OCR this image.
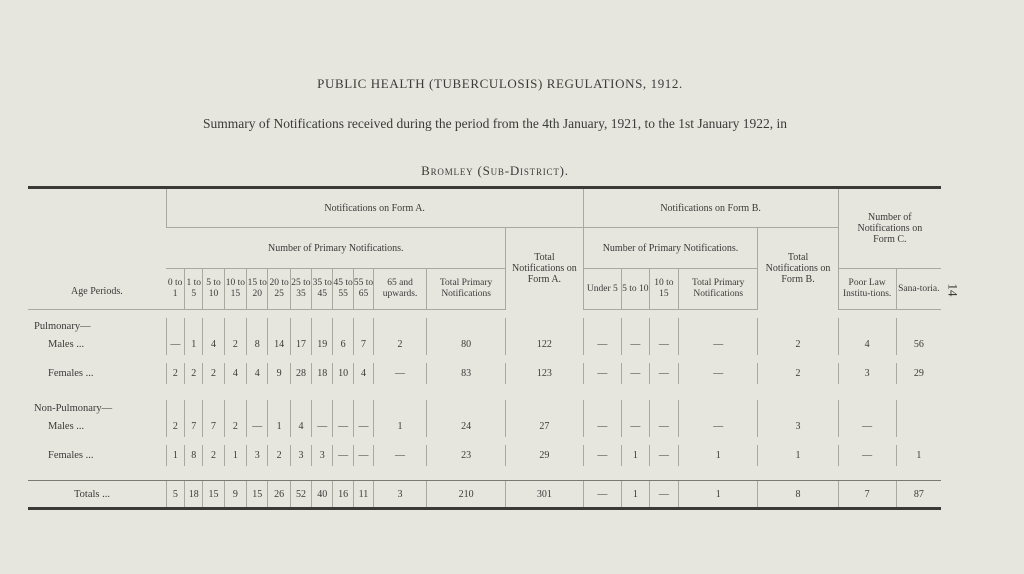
PUBLIC HEALTH (TUBERCULOSIS) REGULATIONS, 1912.
Summary of Notifications received during the period from the 4th January, 1921, to the 1st January 1922, in
Bromley (Sub-District).
14
Age Periods.	Notifications on Form A.													Notifications on Form B.					Number of Notifications on Form C.	
	Number of Primary Notifications.												Total Notifications on Form A.	Number of Primary Notifications.				Total Notifications on Form B.		
	0 to 1	1 to 5	5 to 10	10 to 15	15 to 20	20 to 25	25 to 35	35 to 45	45 to 55	55 to 65	65 and upwards.	Total Primary Notifications		Under 5	5 to 10	10 to 15	Total Primary Notifications		Poor Law Institu-tions.	Sana-toria.

Pulmonary—																				
Males ...	—	1	4	2	8	14	17	19	6	7	2	80	122	—	—	—	—	2	4	56

Females ...	2	2	2	4	4	9	28	18	10	4	—	83	123	—	—	—	—	2	3	29

Non-Pulmonary—																				
Males ...	2	7	7	2	—	1	4	—	—	—	1	24	27	—	—	—	—	3	—	

Females ...	1	8	2	1	3	2	3	3	—	—	—	23	29	—	1	—	1	1	—	1

Totals ...	5	18	15	9	15	26	52	40	16	11	3	210	301	—	1	—	1	8	7	87
